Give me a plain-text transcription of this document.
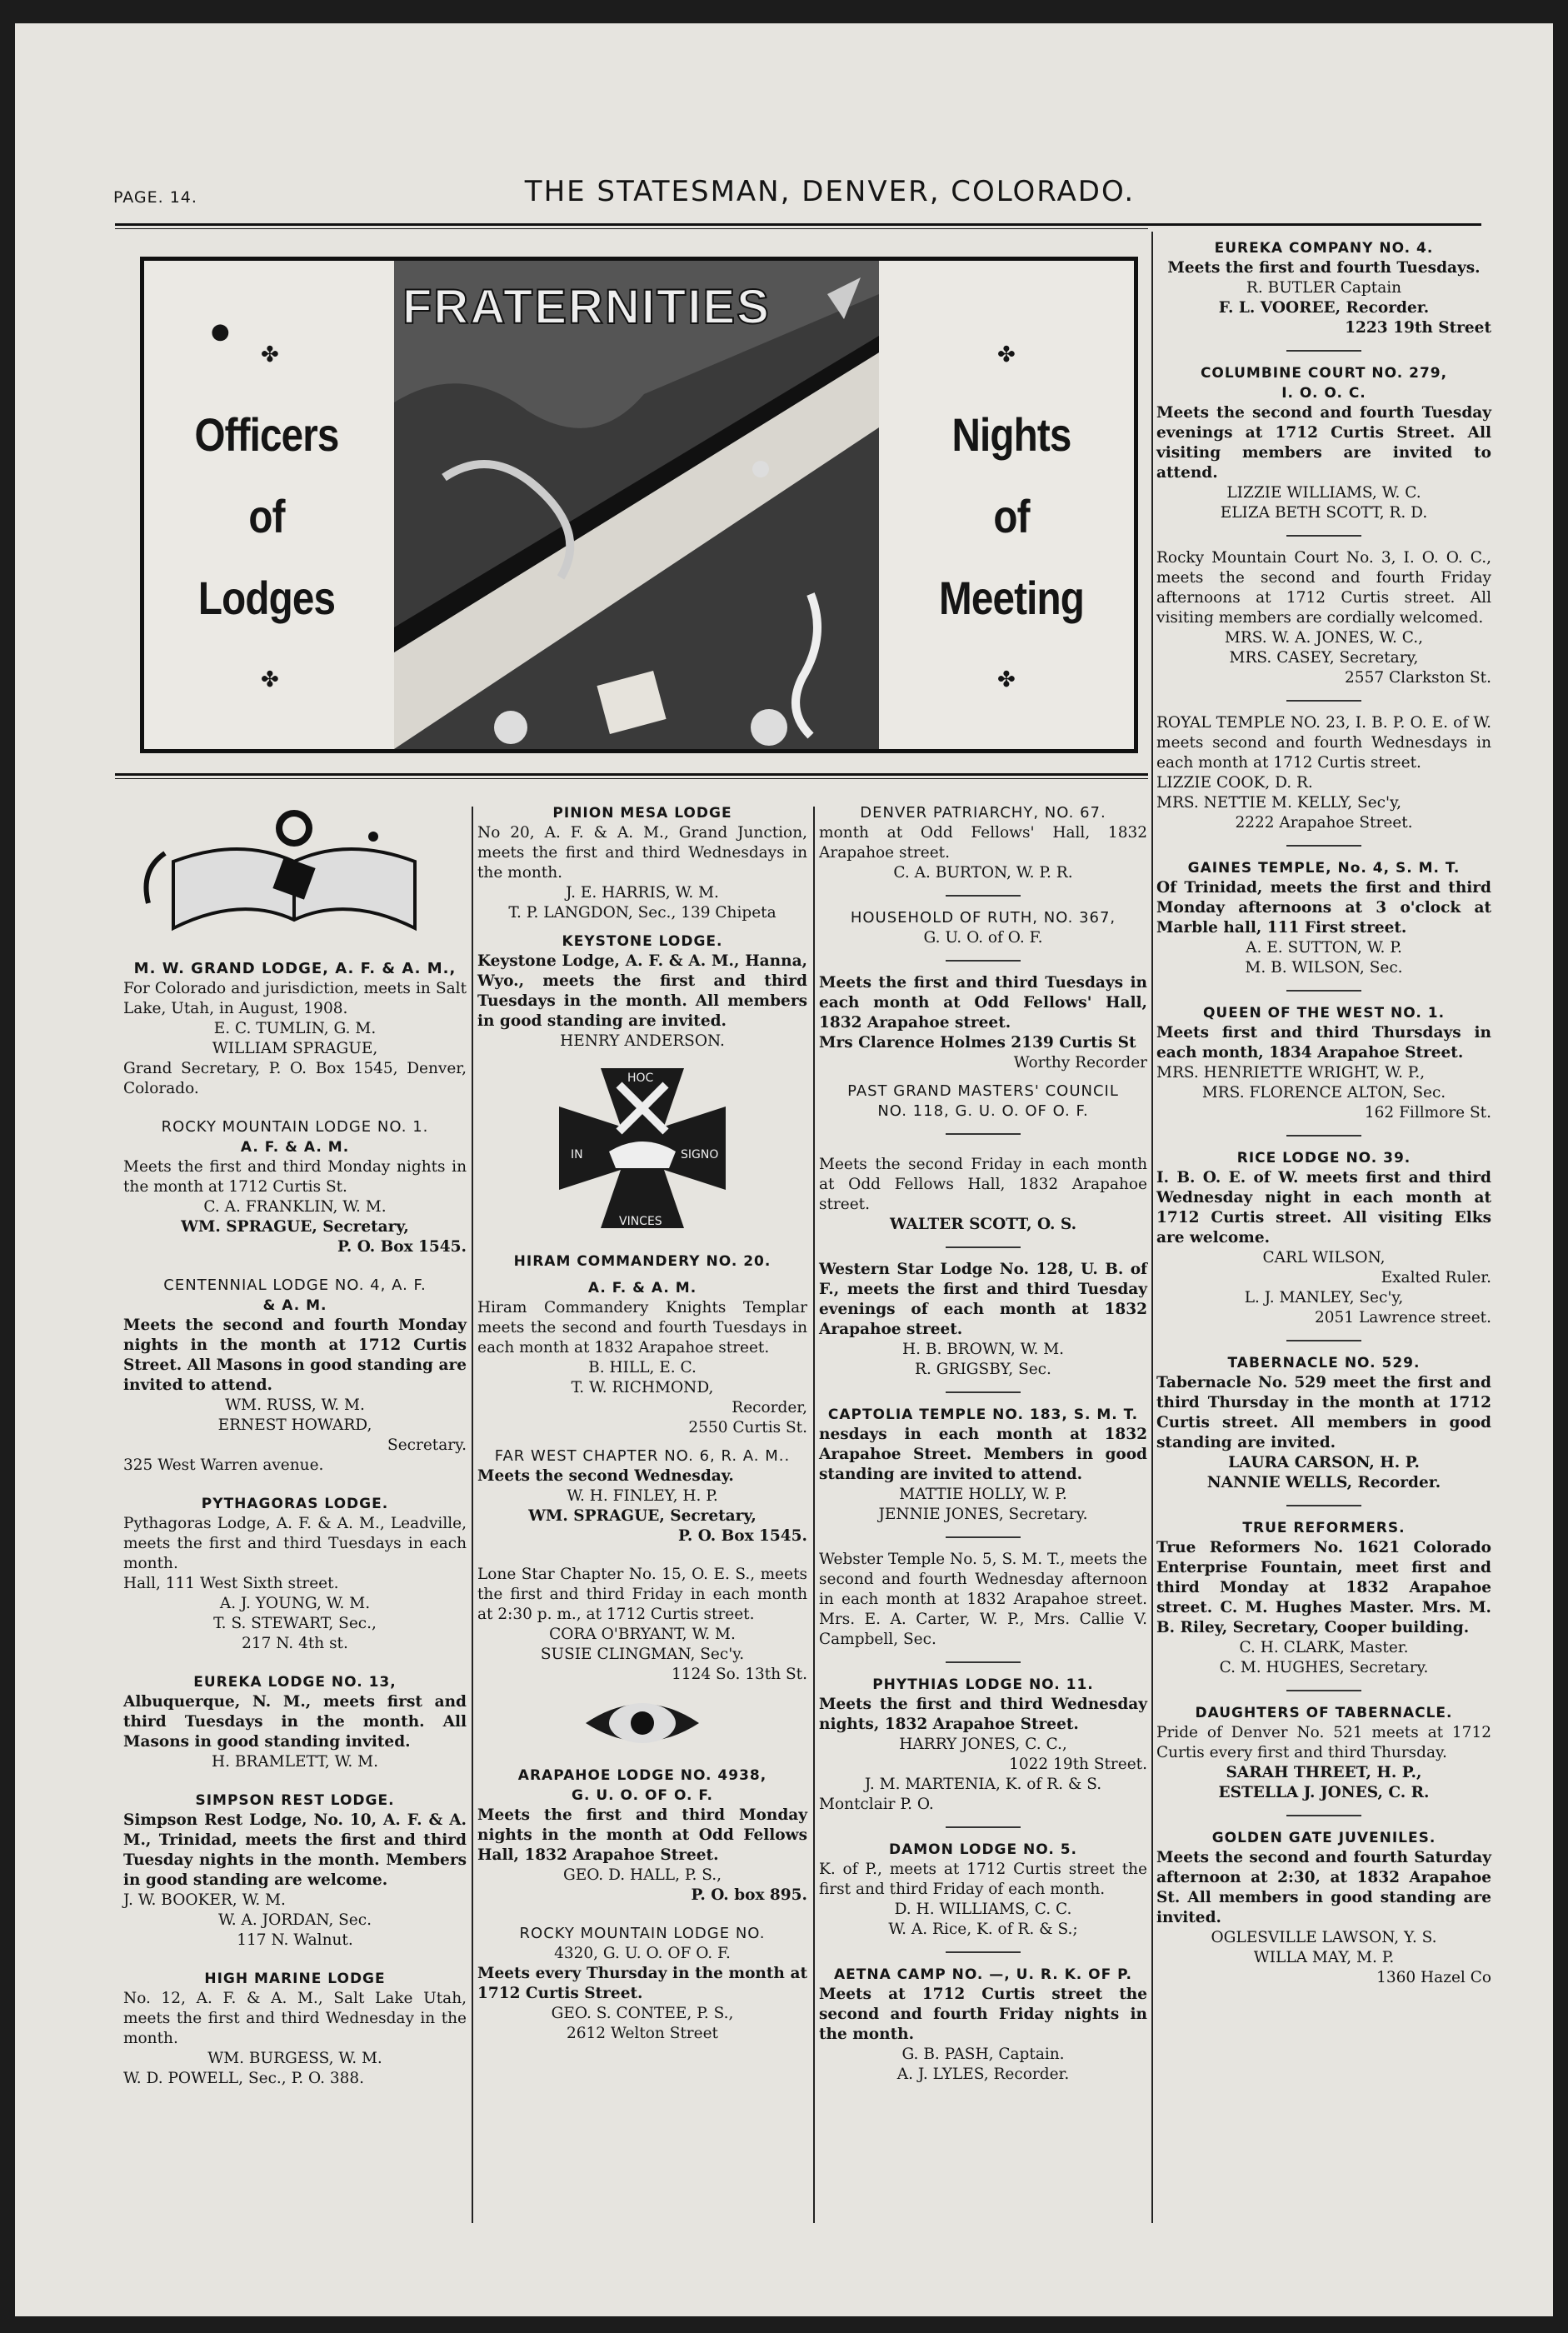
PAGE. 14.	THE STATESMAN, DENVER, COLORADO.
●
✤
Officers
of
Lodges
✤
FRATERNITIES
✤
Nights
of
Meeting
✤

M. W. GRAND LODGE, A. F. & A. M.,

For Colorado and jurisdiction, meets in Salt Lake, Utah, in August, 1908.

E. C. TUMLIN, G. M.

WILLIAM SPRAGUE,

Grand Secretary, P. O. Box 1545, Denver, Colorado.

ROCKY MOUNTAIN LODGE NO. 1.

A. F. & A. M.

Meets the first and third Monday nights in the month at 1712 Curtis St.

C. A. FRANKLIN, W. M.

WM. SPRAGUE, Secretary,

P. O. Box 1545.

CENTENNIAL LODGE NO. 4, A. F.

& A. M.

Meets the second and fourth Monday nights in the month at 1712 Curtis Street. All Masons in good standing are invited to attend.

WM. RUSS, W. M.

ERNEST HOWARD,

Secretary.

325 West Warren avenue.

PYTHAGORAS LODGE.

Pythagoras Lodge, A. F. & A. M., Leadville, meets the first and third Tuesdays in each month.

Hall, 111 West Sixth street.

A. J. YOUNG, W. M.

T. S. STEWART, Sec.,

217 N. 4th st.

EUREKA LODGE NO. 13,

Albuquerque, N. M., meets first and third Tuesdays in the month. All Masons in good standing invited.

H. BRAMLETT, W. M.

SIMPSON REST LODGE.

Simpson Rest Lodge, No. 10, A. F. & A. M., Trinidad, meets the first and third Tuesday nights in the month. Members in good standing are welcome.

J. W. BOOKER, W. M.

W. A. JORDAN, Sec.

117 N. Walnut.

HIGH MARINE LODGE

No. 12, A. F. & A. M., Salt Lake Utah, meets the first and third Wednesday in the month.

WM. BURGESS, W. M.

W. D. POWELL, Sec., P. O. 388.

PINION MESA LODGE

No 20, A. F. & A. M., Grand Junction, meets the first and third Wednesdays in the month.

J. E. HARRIS, W. M.

T. P. LANGDON, Sec., 139 Chipeta

KEYSTONE LODGE.

Keystone Lodge, A. F. & A. M., Hanna, Wyo., meets the first and third Tuesdays in the month. All members in good standing are invited.

HENRY ANDERSON.

HOC
SIGNO
IN
VINCES

HIRAM COMMANDERY NO. 20.

A. F. & A. M.

Hiram Commandery Knights Templar meets the second and fourth Tuesdays in each month at 1832 Arapahoe street.

B. HILL, E. C.

T. W. RICHMOND,

Recorder,

2550 Curtis St.

FAR WEST CHAPTER NO. 6, R. A. M..

Meets the second Wednesday.

W. H. FINLEY, H. P.

WM. SPRAGUE, Secretary,

P. O. Box 1545.

Lone Star Chapter No. 15, O. E. S., meets the first and third Friday in each month at 2:30 p. m., at 1712 Curtis street.

CORA O'BRYANT, W. M.

SUSIE CLINGMAN, Sec'y.

1124 So. 13th St.

ARAPAHOE LODGE NO. 4938,

G. U. O. OF O. F.

Meets the first and third Monday nights in the month at Odd Fellows Hall, 1832 Arapahoe Street.

GEO. D. HALL, P. S.,

P. O. box 895.

ROCKY MOUNTAIN LODGE NO.

4320, G. U. O. OF O. F.

Meets every Thursday in the month at 1712 Curtis Street.

GEO. S. CONTEE, P. S.,

2612 Welton Street

DENVER PATRIARCHY, NO. 67.

month at Odd Fellows' Hall, 1832 Arapahoe street.

C. A. BURTON, W. P. R.

HOUSEHOLD OF RUTH, NO. 367,

G. U. O. of O. F.

Meets the first and third Tuesdays in each month at Odd Fellows' Hall, 1832 Arapahoe street.

Mrs Clarence Holmes 2139 Curtis St

Worthy Recorder

PAST GRAND MASTERS' COUNCIL

NO. 118, G. U. O. OF O. F.

Meets the second Friday in each month at Odd Fellows Hall, 1832 Arapahoe street.

WALTER SCOTT, O. S.

Western Star Lodge No. 128, U. B. of F., meets the first and third Tuesday evenings of each month at 1832 Arapahoe street.

H. B. BROWN, W. M.

R. GRIGSBY, Sec.

CAPTOLIA TEMPLE NO. 183, S. M. T.

nesdays in each month at 1832 Arapahoe Street. Members in good standing are invited to attend.

MATTIE HOLLY, W. P.

JENNIE JONES, Secretary.

Webster Temple No. 5, S. M. T., meets the second and fourth Wednesday afternoon in each month at 1832 Arapahoe street. Mrs. E. A. Carter, W. P., Mrs. Callie V. Campbell, Sec.

PHYTHIAS LODGE NO. 11.

Meets the first and third Wednesday nights, 1832 Arapahoe Street.

HARRY JONES, C. C.,

1022 19th Street.

J. M. MARTENIA, K. of R. & S.

Montclair P. O.

DAMON LODGE NO. 5.

K. of P., meets at 1712 Curtis street the first and third Friday of each month.

D. H. WILLIAMS, C. C.

W. A. Rice, K. of R. & S.;

AETNA CAMP NO. —, U. R. K. OF P.

Meets at 1712 Curtis street the second and fourth Friday nights in the month.

G. B. PASH, Captain.

A. J. LYLES, Recorder.

EUREKA COMPANY NO. 4.

Meets the first and fourth Tuesdays.

R. BUTLER Captain

F. L. VOOREE, Recorder.

1223 19th Street

COLUMBINE COURT NO. 279,

I. O. O. C.

Meets the second and fourth Tuesday evenings at 1712 Curtis Street. All visiting members are invited to attend.

LIZZIE WILLIAMS, W. C.

ELIZA BETH SCOTT, R. D.

Rocky Mountain Court No. 3, I. O. O. C., meets the second and fourth Friday afternoons at 1712 Curtis street. All visiting members are cordially welcomed.

MRS. W. A. JONES, W. C.,

MRS. CASEY, Secretary,

2557 Clarkston St.

ROYAL TEMPLE NO. 23, I. B. P. O. E. of W. meets second and fourth Wednesdays in each month at 1712 Curtis street.

LIZZIE COOK, D. R.

MRS. NETTIE M. KELLY, Sec'y,

2222 Arapahoe Street.

GAINES TEMPLE, No. 4, S. M. T.

Of Trinidad, meets the first and third Monday afternoons at 3 o'clock at Marble hall, 111 First street.

A. E. SUTTON, W. P.

M. B. WILSON, Sec.

QUEEN OF THE WEST NO. 1.

Meets first and third Thursdays in each month, 1834 Arapahoe Street.

MRS. HENRIETTE WRIGHT, W. P.,

MRS. FLORENCE ALTON, Sec.

162 Fillmore St.

RICE LODGE NO. 39.

I. B. O. E. of W. meets first and third Wednesday night in each month at 1712 Curtis street. All visiting Elks are welcome.

CARL WILSON,

Exalted Ruler.

L. J. MANLEY, Sec'y,

2051 Lawrence street.

TABERNACLE NO. 529.

Tabernacle No. 529 meet the first and third Thursday in the month at 1712 Curtis street. All members in good standing are invited.

LAURA CARSON, H. P.

NANNIE WELLS, Recorder.

TRUE REFORMERS.

True Reformers No. 1621 Colorado Enterprise Fountain, meet first and third Monday at 1832 Arapahoe street. C. M. Hughes Master. Mrs. M. B. Riley, Secretary, Cooper building.

C. H. CLARK, Master.

C. M. HUGHES, Secretary.

DAUGHTERS OF TABERNACLE.

Pride of Denver No. 521 meets at 1712 Curtis every first and third Thursday.

SARAH THREET, H. P.,

ESTELLA J. JONES, C. R.

GOLDEN GATE JUVENILES.

Meets the second and fourth Saturday afternoon at 2:30, at 1832 Arapahoe St. All members in good standing are invited.

OGLESVILLE LAWSON, Y. S.

WILLA MAY, M. P.

1360 Hazel Co
